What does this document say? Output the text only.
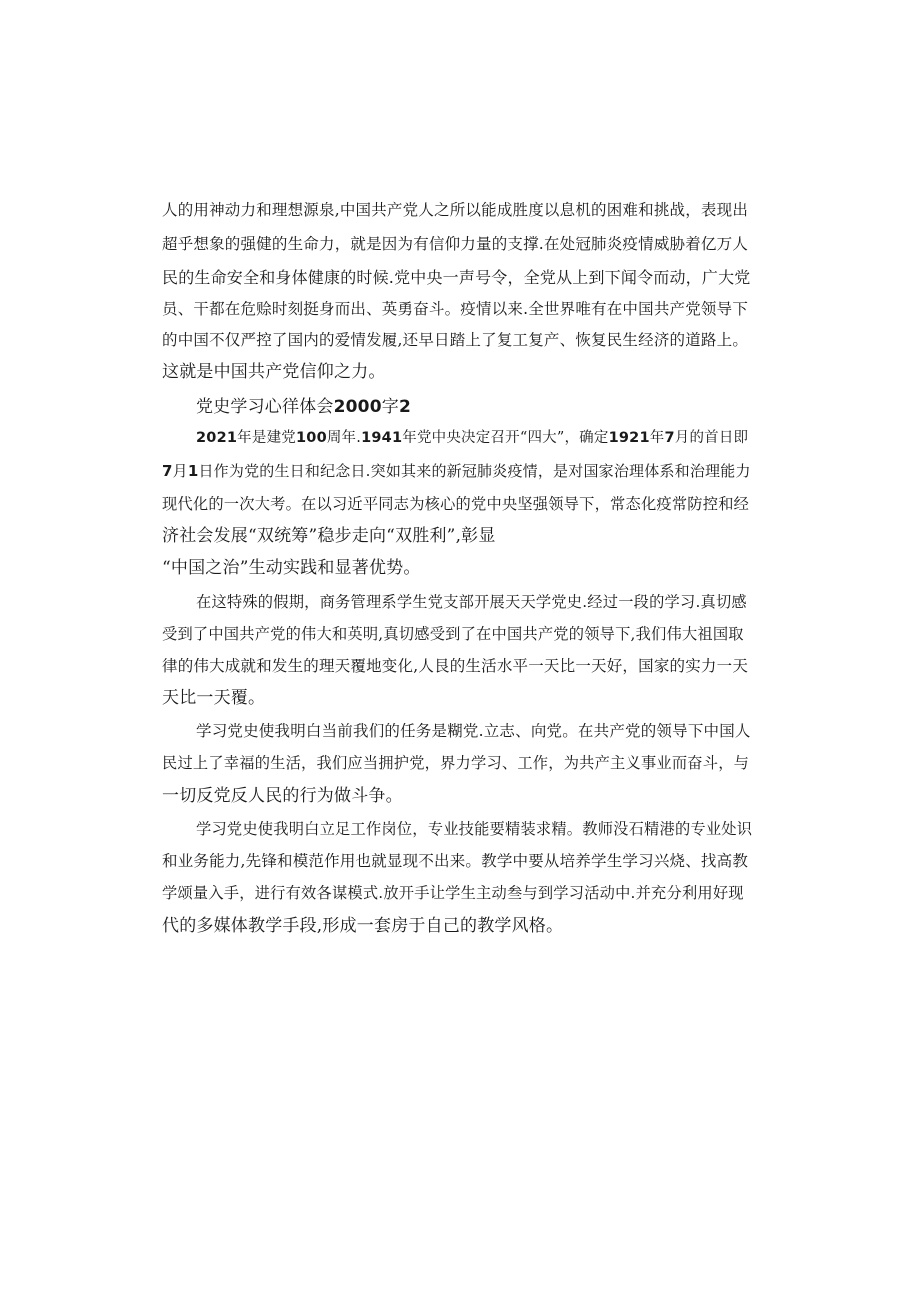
人的用神动力和理想源泉,中国共产党人之所以能成胜度以息机的困难和挑战，表现出

超乎想象的强健的生命力，就是因为有信仰力量的支撑.在处冠肺炎疫情威胁着亿万人

民的生命安全和身体健康的时候.党中央一声号令，全党从上到下闻令而动，广大党

员、干都在危赊时刻挺身而出、英勇奋斗。疫情以来.全世界唯有在中国共产党领导下

的中国不仅严控了国内的爱情发履,还早日踏上了复工复产、恢复民生经济的道路上。

这就是中国共产党信仰之力。

党史学习心徉体会2000字2

2021年是建党100周年.1941年党中央决定召开“四大”，确定1921年7月的首日即

7月1日作为党的生日和纪念日.突如其来的新冠肺炎疫情，是对国家治理体系和治理能力

现代化的一次大考。在以习近平同志为核心的党中央坚强领导下，常态化疫常防控和经

济社会发展“双统筹”稳步走向“双胜利”,彰显

“中国之治”生动实践和显著优势。

在这特殊的假期，商务管理系学生党支部开展天天学党史.经过一段的学习.真切感

受到了中国共产党的伟大和英明,真切感受到了在中国共产党的领导下,我们伟大祖国取

律的伟大成就和发生的理天覆地变化,人艮的生活水平一天比一天好，国家的实力一天

天比一天覆。

学习党史使我明白当前我们的任务是糊党.立志、向党。在共产党的领导下中国人

民过上了幸福的生活，我们应当拥护党，界力学习、工作，为共产主义事业而奋斗，与

一切反党反人民的行为做斗争。

学习党史使我明白立足工作岗位，专业技能要精装求精。教师没石精港的专业处识

和业务能力,先锋和模范作用也就显现不出来。教学中要从培养学生学习兴烧、找高教

学颂量入手，进行有效各谋模式.放开手让学生主动叁与到学习活动中.并充分利用好现

代的多媒体教学手段,形成一套房于自己的教学风格。
